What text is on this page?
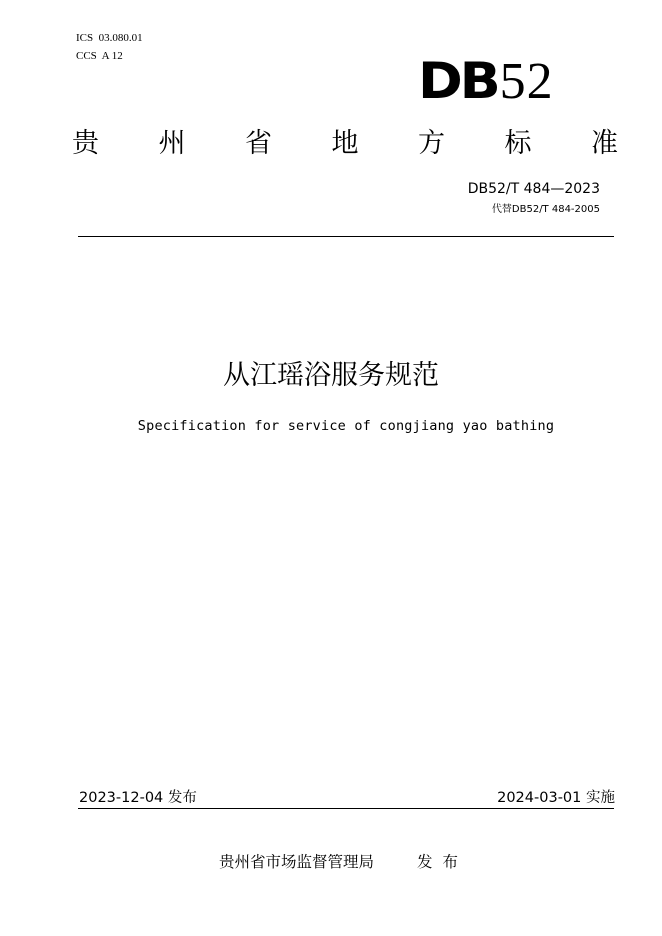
ICS  03.080.01
CCS  A 12	DB52
贵 州 省 地 方 标 准
DB52/T 484—2023
代替DB52/T 484-2005
从江瑶浴服务规范
Specification for service of congjiang yao bathing
2023-12-04 发布	2024-03-01 实施
贵州省市场监督管理局	发布
